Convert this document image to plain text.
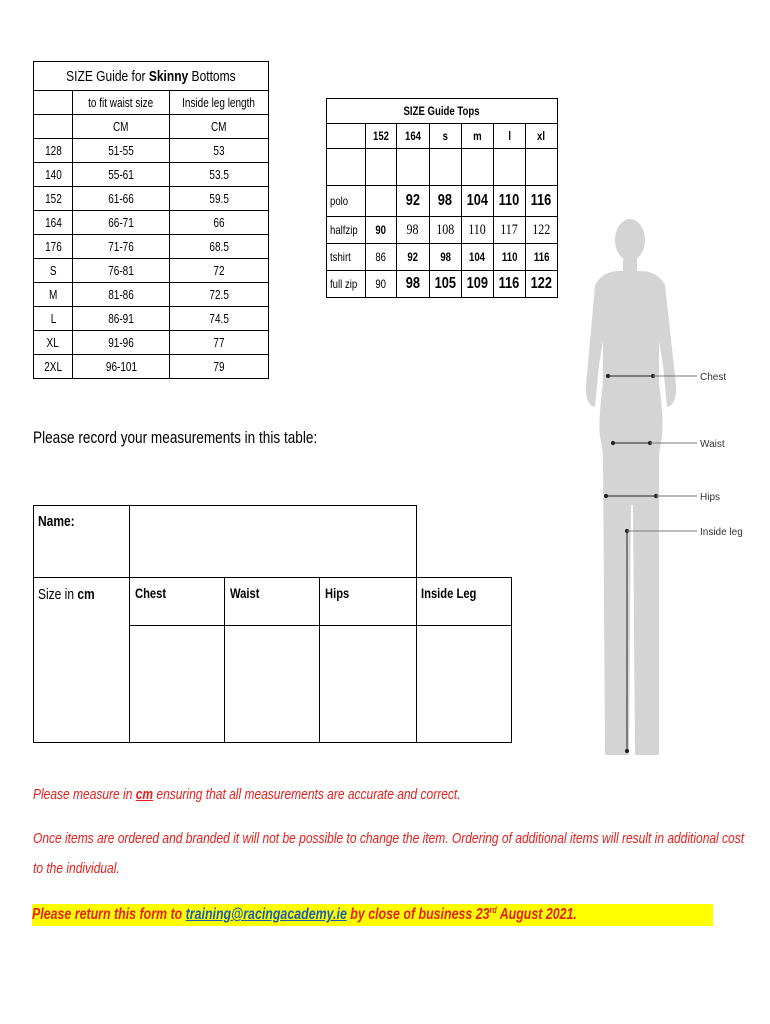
SIZE Guide for Skinny Bottoms		
	to fit waist size	Inside leg length
	CM	CM
128	51-55	53
140	55-61	53.5
152	61-66	59.5
164	66-71	66
176	71-76	68.5
S	76-81	72
M	81-86	72.5
L	86-91	74.5
XL	91-96	77
2XL	96-101	79
SIZE Guide Tops						
	152	164	s	m	l	xl

polo		92	98	104	110	116
halfzip	90	98	108	110	117	122
tshirt	86	92	98	104	110	116
full zip	90	98	105	109	116	122
Chest
Waist
Hips
Inside leg
Please record your measurements in this table:
Name:
Size in cm	Chest	Waist	Hips	Inside Leg
Please measure in cm ensuring that all measurements are accurate and correct.
Once items are ordered and branded it will not be possible to change the item. Ordering of additional items will result in additional cost
to the individual.
Please return this form to training@racingacademy.ie by close of business 23rd August 2021.
